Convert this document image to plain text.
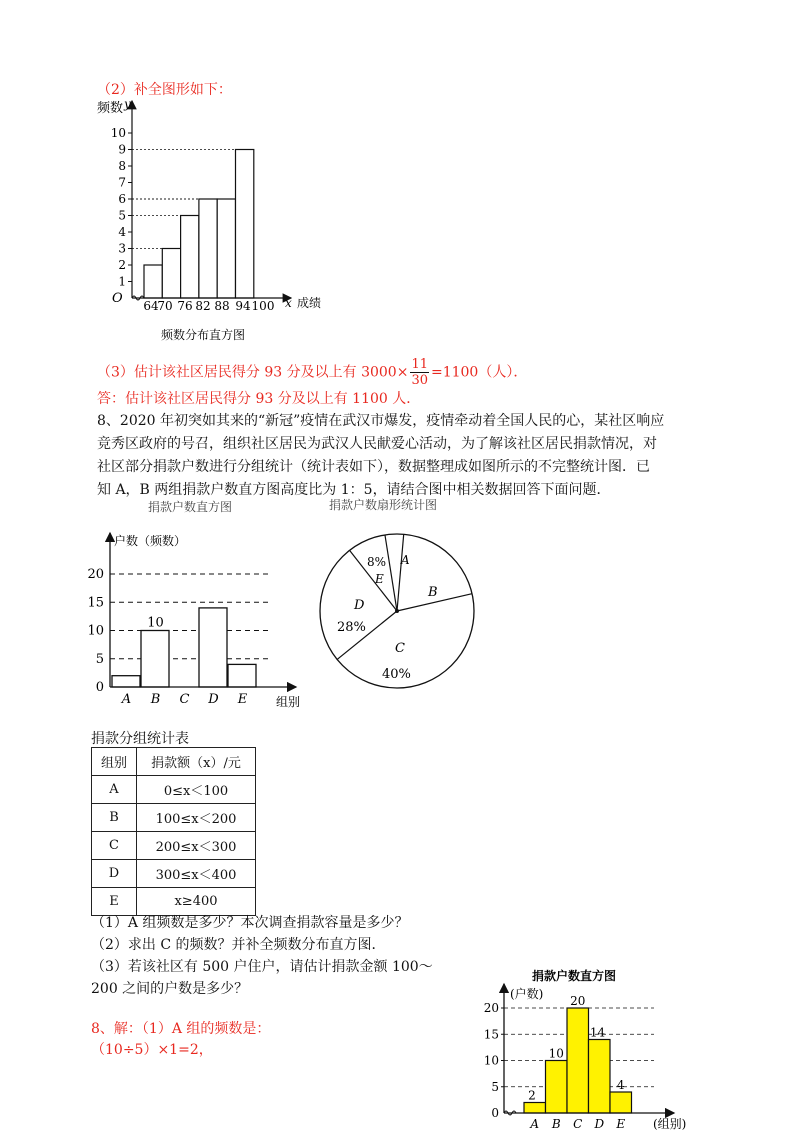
（2）补全图形如下：
1
2
3
4
5
6
7
8
9
10
64
70 76 82 88 94 100
频数 y
O	x 成绩
频数分布直方图
（3）估计该社区居民得分 93 分及以上有 $3000\times \frac{11}{30} =1100$（人）．
答：估计该社区居民得分 93 分及以上有 1100 人．
8、2020 年初突如其来的“新冠”疫情在武汉市爆发，疫情牵动着全国人民的心，某社区响应
竞秀区政府的号召，组织社区居民为武汉人民献爱心活动，为了解该社区居民捐款情况，对
社区部分捐款户数进行分组统计（统计表如下），数据整理成如图所示的不完整统计图．已
知 A，B 两组捐款户数直方图高度比为 1：5，请结合图中相关数据回答下面问题．
捐款户数直方图
10
0
5
10
15
20
A B C D E
户数（频数）
组别
捐款户数扇形统计图
A
B
C
40%
D
28%
8%
E
捐款分组统计表
组别	捐款额（x）/元
A	0≤x＜100
B	100≤x＜200
C	200≤x＜300
D	300≤x＜400
E	x≥400
（1）A 组频数是多少？本次调查捐款容量是多少？
（2）求出 C 的频数？并补全频数分布直方图．
（3）若该社区有 500 户住户，请估计捐款金额 100～
200 之间的户数是多少？
8、解：（1）A 组的频数是：
（10÷5）×1=2，
捐款户数直方图
0
5
10
15
20
A B C D E
2
10
20
14
4
(户数)
(组别)
